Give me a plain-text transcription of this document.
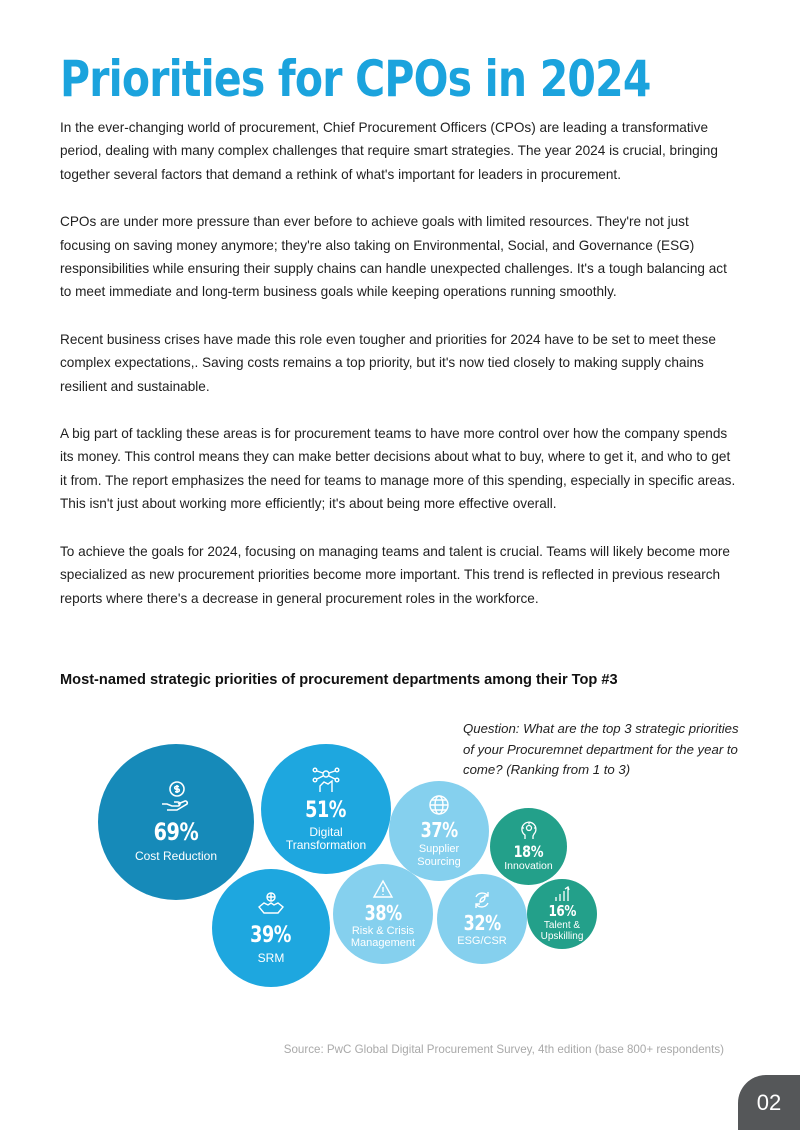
Priorities for CPOs in 2024

In the ever-changing world of procurement, Chief Procurement Officers (CPOs) are leading a transformative period, dealing with many complex challenges that require smart strategies. The year 2024 is crucial, bringing together several factors that demand a rethink of what's important for leaders in procurement.

CPOs are under more pressure than ever before to achieve goals with limited resources. They're not just focusing on saving money anymore; they're also taking on Environmental, Social, and Governance (ESG) responsibilities while ensuring their supply chains can handle unexpected challenges. It's a tough balancing act to meet immediate and long-term business goals while keeping operations running smoothly.

Recent business crises have made this role even tougher and priorities for 2024 have to be set to meet these complex expectations,. Saving costs remains a top priority, but it's now tied closely to making supply chains resilient and sustainable.

A big part of tackling these areas is for procurement teams to have more control over how the company spends its money. This control means they can make better decisions about what to buy, where to get it, and who to get it from. The report emphasizes the need for teams to manage more of this spending, especially in specific areas. This isn't just about working more efficiently; it's about being more effective overall.

To achieve the goals for 2024, focusing on managing teams and talent is crucial. Teams will likely become more specialized as new procurement priorities become more important. This trend is reflected in previous research reports where there's a decrease in general procurement roles in the workforce.

Most-named strategic priorities of procurement departments among their Top #3
Question: What are the top 3 strategic priorities of your Procuremnet department for the year to come? (Ranking from 1 to 3)
69%
Cost Reduction
51%
Digital Transformation
37%
Supplier Sourcing
18%
Innovation
39%
SRM
38%
Risk & Crisis Management
32%
ESG/CSR
16%
Talent & Upskilling
Source: PwC Global Digital Procurement Survey, 4th edition (base 800+ respondents)
02
